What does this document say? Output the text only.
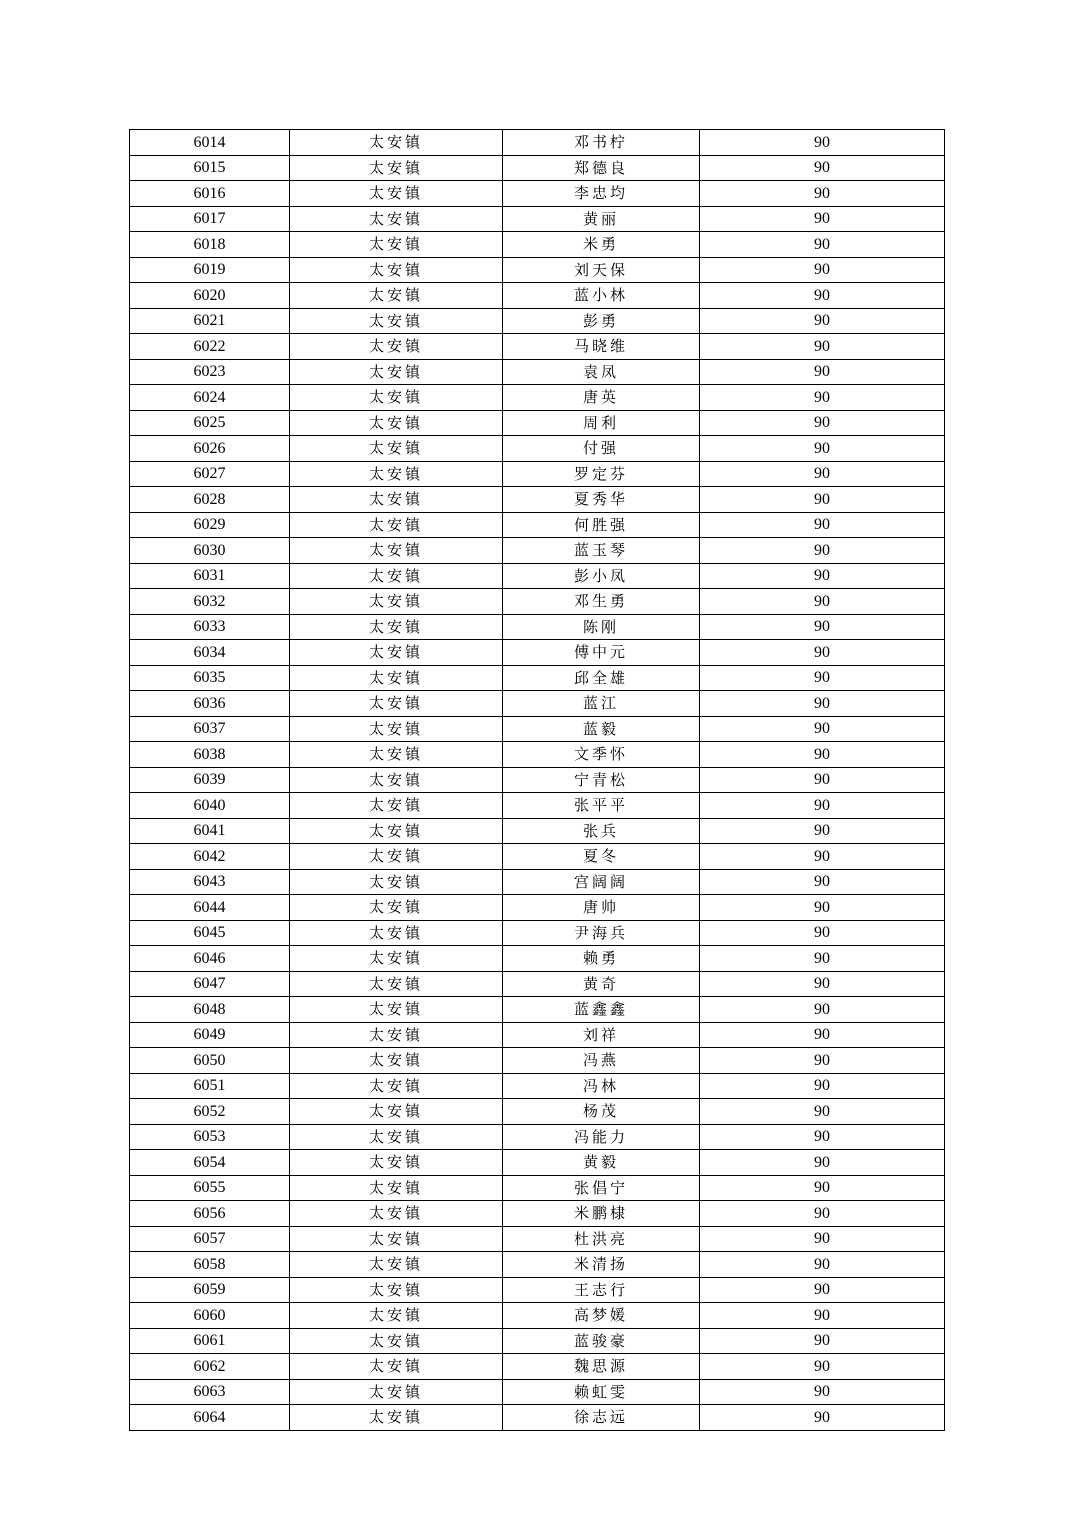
6014	太安镇	邓书柠	90
6015	太安镇	郑德良	90
6016	太安镇	李忠均	90
6017	太安镇	黄丽	90
6018	太安镇	米勇	90
6019	太安镇	刘天保	90
6020	太安镇	蓝小林	90
6021	太安镇	彭勇	90
6022	太安镇	马晓维	90
6023	太安镇	袁凤	90
6024	太安镇	唐英	90
6025	太安镇	周利	90
6026	太安镇	付强	90
6027	太安镇	罗定芬	90
6028	太安镇	夏秀华	90
6029	太安镇	何胜强	90
6030	太安镇	蓝玉琴	90
6031	太安镇	彭小凤	90
6032	太安镇	邓生勇	90
6033	太安镇	陈刚	90
6034	太安镇	傅中元	90
6035	太安镇	邱全雄	90
6036	太安镇	蓝江	90
6037	太安镇	蓝毅	90
6038	太安镇	文季怀	90
6039	太安镇	宁青松	90
6040	太安镇	张平平	90
6041	太安镇	张兵	90
6042	太安镇	夏冬	90
6043	太安镇	宫阔阔	90
6044	太安镇	唐帅	90
6045	太安镇	尹海兵	90
6046	太安镇	赖勇	90
6047	太安镇	黄奇	90
6048	太安镇	蓝鑫鑫	90
6049	太安镇	刘祥	90
6050	太安镇	冯燕	90
6051	太安镇	冯林	90
6052	太安镇	杨茂	90
6053	太安镇	冯能力	90
6054	太安镇	黄毅	90
6055	太安镇	张倡宁	90
6056	太安镇	米鹏棣	90
6057	太安镇	杜洪亮	90
6058	太安镇	米清扬	90
6059	太安镇	王志行	90
6060	太安镇	高梦媛	90
6061	太安镇	蓝骏豪	90
6062	太安镇	魏思源	90
6063	太安镇	赖虹雯	90
6064	太安镇	徐志远	90
